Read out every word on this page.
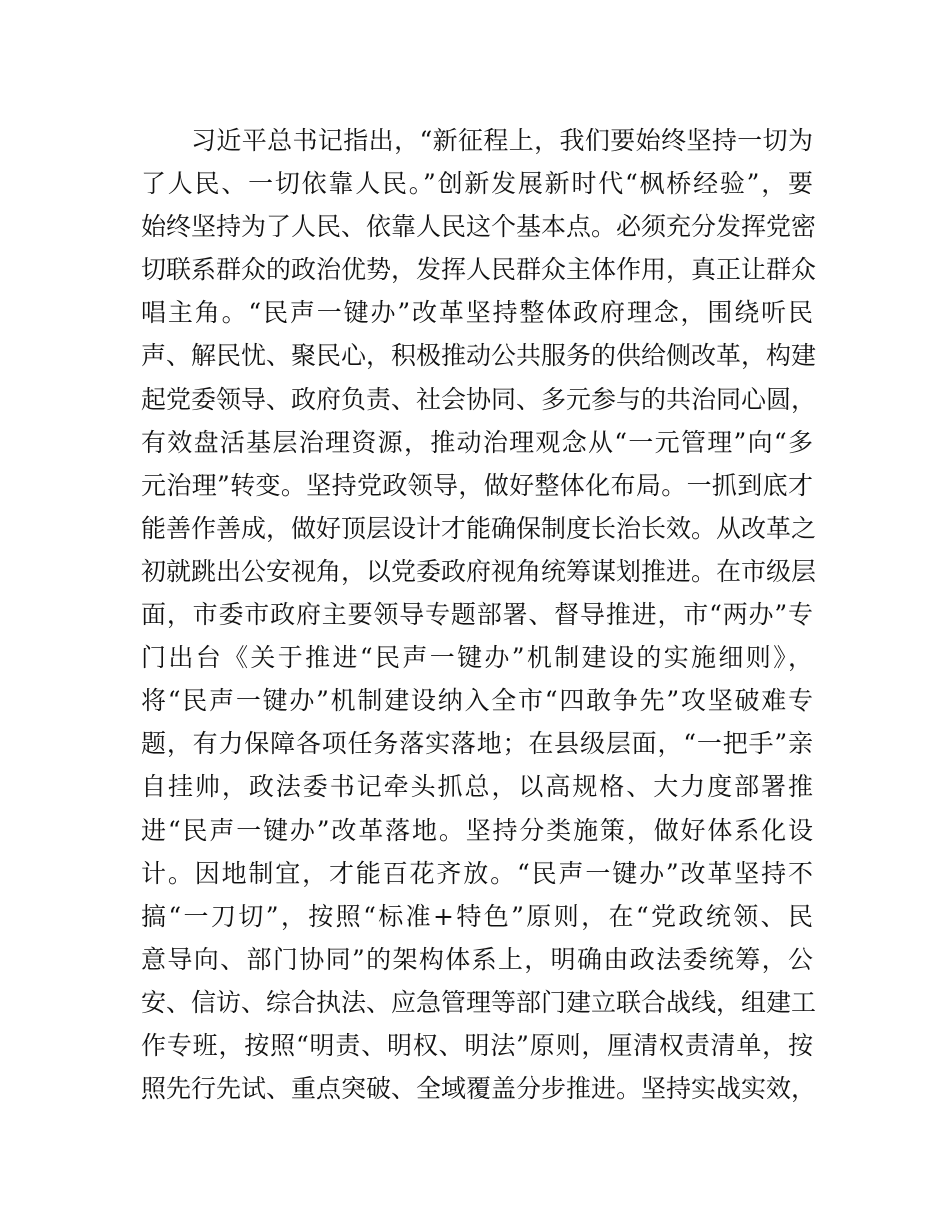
习近平总书记指出，“新征程上，我们要始终坚持一切为
了人民、一切依靠人民。”创新发展新时代“枫桥经验”，要
始终坚持为了人民、依靠人民这个基本点。必须充分发挥党密
切联系群众的政治优势，发挥人民群众主体作用，真正让群众
唱主角。“民声一键办”改革坚持整体政府理念，围绕听民
声、解民忧、聚民心，积极推动公共服务的供给侧改革，构建
起党委领导、政府负责、社会协同、多元参与的共治同心圆，
有效盘活基层治理资源，推动治理观念从“一元管理”向“多
元治理”转变。坚持党政领导，做好整体化布局。一抓到底才
能善作善成，做好顶层设计才能确保制度长治长效。从改革之
初就跳出公安视角，以党委政府视角统筹谋划推进。在市级层
面，市委市政府主要领导专题部署、督导推进，市“两办”专
门出台《关于推进“民声一键办”机制建设的实施细则》，
将“民声一键办”机制建设纳入全市“四敢争先”攻坚破难专
题，有力保障各项任务落实落地；在县级层面，“一把手”亲
自挂帅，政法委书记牵头抓总，以高规格、大力度部署推
进“民声一键办”改革落地。坚持分类施策，做好体系化设
计。因地制宜，才能百花齐放。“民声一键办”改革坚持不
搞“一刀切”，按照“标准+特色”原则，在“党政统领、民
意导向、部门协同”的架构体系上，明确由政法委统筹，公
安、信访、综合执法、应急管理等部门建立联合战线，组建工
作专班，按照“明责、明权、明法”原则，厘清权责清单，按
照先行先试、重点突破、全域覆盖分步推进。坚持实战实效，
